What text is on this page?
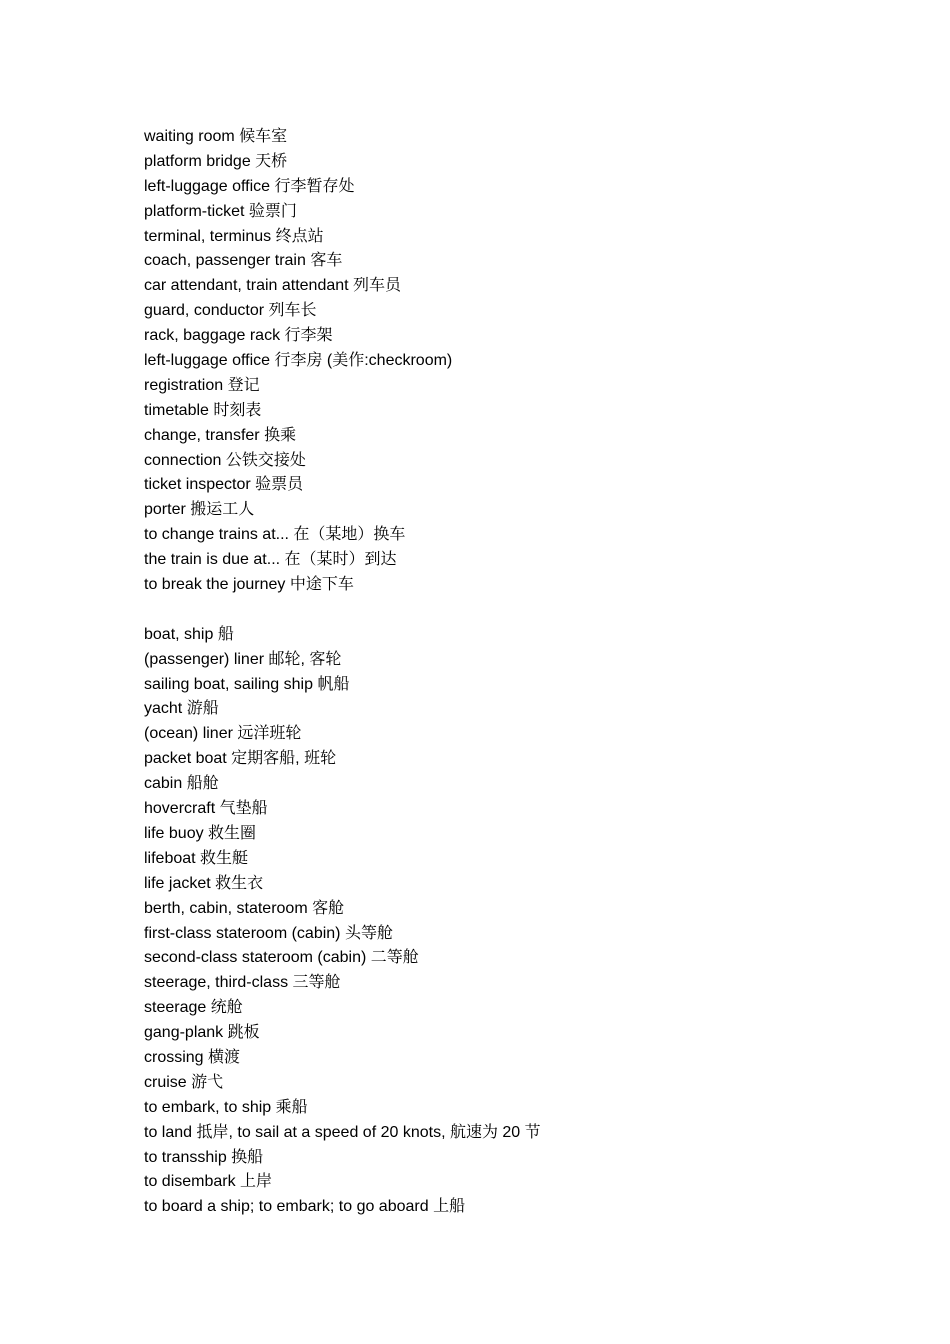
waiting room 候车室
platform bridge 天桥
left-luggage office 行李暂存处
platform-ticket 验票门
terminal, terminus 终点站
coach, passenger train 客车
car attendant, train attendant 列车员
guard, conductor 列车长
rack, baggage rack 行李架
left-luggage office 行李房 (美作:checkroom)
registration 登记
timetable 时刻表
change, transfer 换乘
connection 公铁交接处
ticket inspector 验票员
porter 搬运工人
to change trains at... 在（某地）换车
the train is due at... 在（某时）到达
to break the journey 中途下车
boat, ship 船
(passenger) liner 邮轮, 客轮
sailing boat, sailing ship 帆船
yacht 游船
(ocean) liner 远洋班轮
packet boat 定期客船, 班轮
cabin 船舱
hovercraft 气垫船
life buoy 救生圈
lifeboat 救生艇
life jacket 救生衣
berth, cabin, stateroom 客舱
first-class stateroom (cabin) 头等舱
second-class stateroom (cabin) 二等舱
steerage, third-class 三等舱
steerage 统舱
gang-plank 跳板
crossing 横渡
cruise 游弋
to embark, to ship 乘船
to land 抵岸, to sail at a speed of 20 knots, 航速为 20 节
to transship 换船
to disembark 上岸
to board a ship; to embark; to go aboard 上船
